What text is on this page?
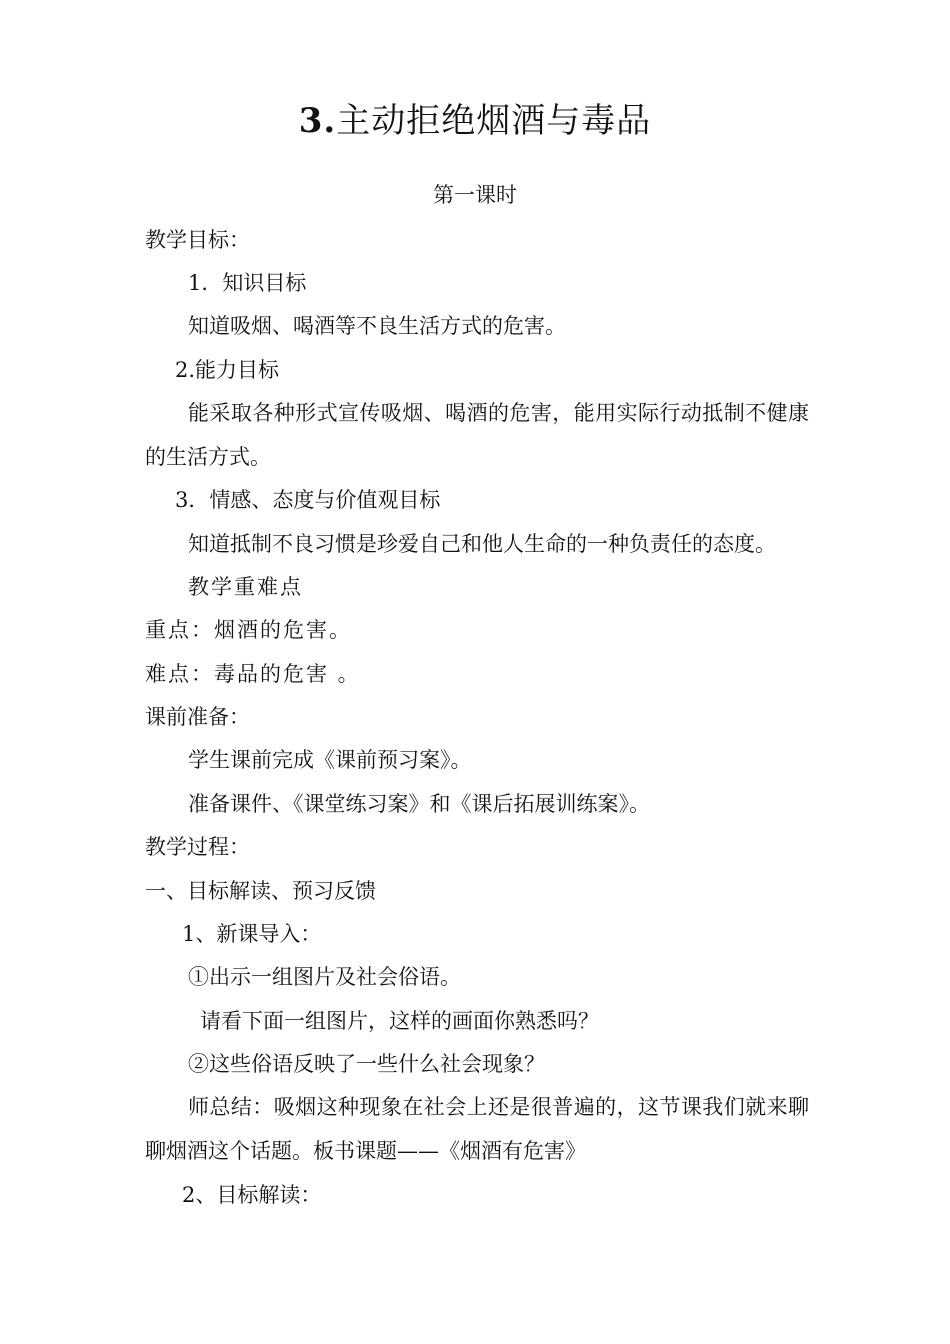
3.主动拒绝烟酒与毒品
第一课时
教学目标：
1．知识目标
知道吸烟、喝酒等不良生活方式的危害。
2.能力目标
能采取各种形式宣传吸烟、喝酒的危害，能用实际行动抵制不健康的生活方式。
3．情感、态度与价值观目标
知道抵制不良习惯是珍爱自己和他人生命的一种负责任的态度。
教学重难点
重点：烟酒的危害。
难点：毒品的危害 。
课前准备：
学生课前完成《课前预习案》。
准备课件、《课堂练习案》和《课后拓展训练案》。
教学过程：
一、目标解读、预习反馈
1、新课导入：
①出示一组图片及社会俗语。
请看下面一组图片，这样的画面你熟悉吗？
②这些俗语反映了一些什么社会现象？
师总结：吸烟这种现象在社会上还是很普遍的，这节课我们就来聊聊烟酒这个话题。板书课题——《烟酒有危害》
2、目标解读：
